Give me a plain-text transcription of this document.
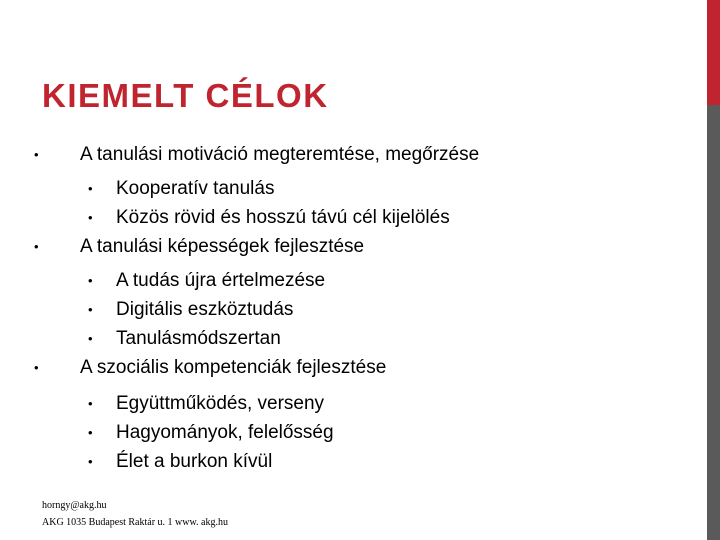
KIEMELT CÉLOK
• A tanulási motiváció megteremtése, megőrzése
• Kooperatív tanulás
• Közös rövid és hosszú távú cél kijelölés
• A tanulási képességek fejlesztése
• A tudás újra értelmezése
• Digitális eszköztudás
• Tanulásmódszertan
• A szociális kompetenciák fejlesztése
• Együttműködés, verseny
• Hagyományok, felelősség
• Élet a burkon kívül
horngy@akg.hu
AKG 1035 Budapest Raktár u. 1 www. akg.hu
